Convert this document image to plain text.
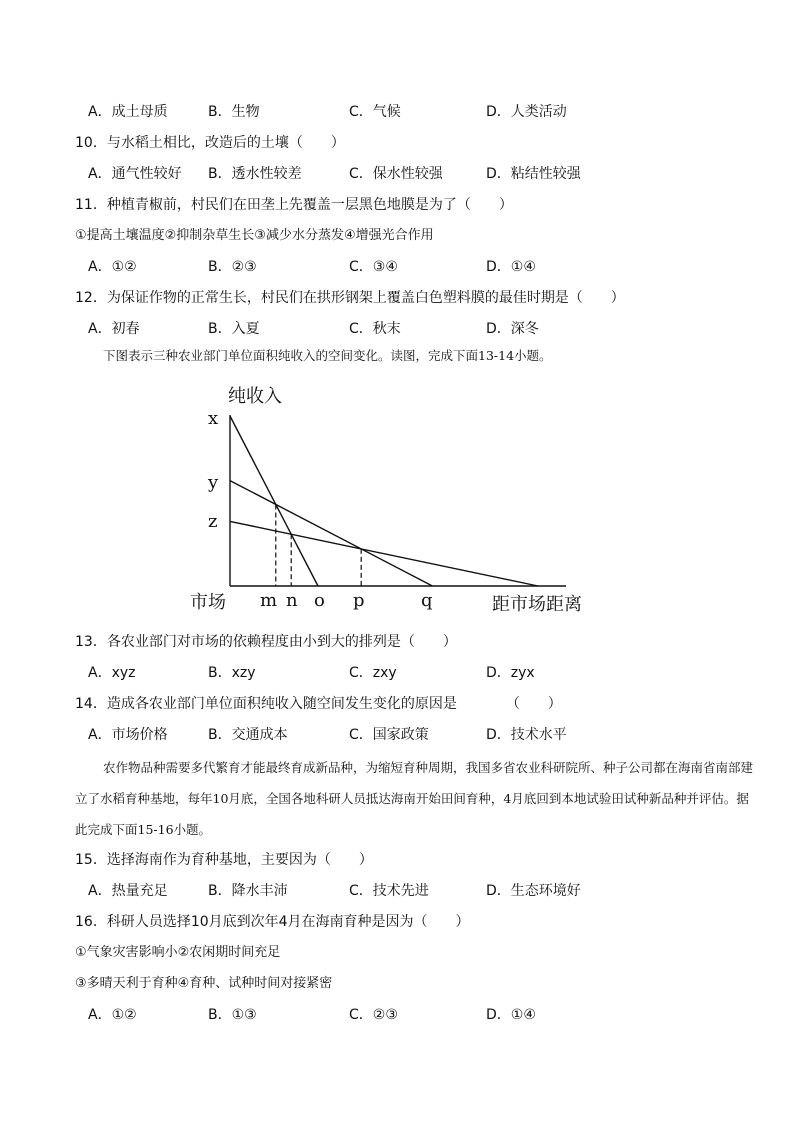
A．成土母质	B．生物	C．气候	D．人类活动
10．与水稻土相比，改造后的土壤（　　）
A．通气性较好 B．透水性较差	C．保水性较强	D．粘结性较强
11．种植青椒前，村民们在田垄上先覆盖一层黑色地膜是为了（　　）
①提高土壤温度②抑制杂草生长③减少水分蒸发④增强光合作用
A．①②	B．②③	C．③④	D．①④
12．为保证作物的正常生长，村民们在拱形钢架上覆盖白色塑料膜的最佳时期是（　　）
A．初春	B．入夏	C．秋末	D．深冬
下图表示三种农业部门单位面积纯收入的空间变化。读图，完成下面13-14小题。
纯收入
x
y
z
市场 m n o p	q	距市场距离
13．各农业部门对市场的依赖程度由小到大的排列是（　　）
A．xyz	B．xzy	C．zxy	D．zyx
14．造成各农业部门单位面积纯收入随空间发生变化的原因是　　　　（　　）
A．市场价格	B．交通成本	C．国家政策	D．技术水平
农作物品种需要多代繁育才能最终育成新品种，为缩短育种周期，我国多省农业科研院所、种子公司都在海南省南部建立了水稻育种基地，每年10月底，全国各地科研人员抵达海南开始田间育种，4月底回到本地试验田试种新品种并评估。据此完成下面15-16小题。
15．选择海南作为育种基地，主要因为（　　）
A．热量充足	B．降水丰沛	C．技术先进	D．生态环境好
16．科研人员选择10月底到次年4月在海南育种是因为（　　）
①气象灾害影响小②农闲期时间充足
③多晴天利于育种④育种、试种时间对接紧密
A．①②	B．①③	C．②③	D．①④
